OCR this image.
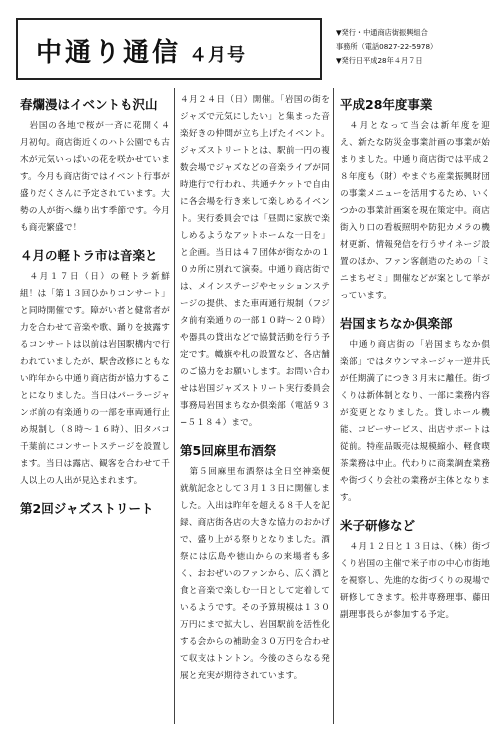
中通り通信 ４月号
▼発行・中通商店街振興組合
事務所（電話0827-22-5978）
▼発行日平成28年４月７日
春爛漫はイベントも沢山

岩国の各地で桜が一斉に花開く４月初旬。商店街近くのハト公園でも古木が元気いっぱいの花を咲かせています。今月も商店街ではイベント行事が盛りだくさんに予定されています。大勢の人が街へ繰り出す季節です。今月も商売繁盛で！

４月の軽トラ市は音楽と

４月１７日（日）の軽トラ新鮮組！は「第１３回ひかりコンサート」と同時開催です。障がい者と健常者が力を合わせて音楽や歌、踊りを披露するコンサートは以前は岩国駅構内で行われていましたが、駅舎改修にともない昨年から中通り商店街が協力することになりました。当日はパーラージャンボ前の有楽通りの一部を車両通行止め規制し（８時〜１６時）、旧タバコ千葉前にコンサートステージを設置します。当日は露店、観客を合わせて千人以上の人出が見込まれます。

第2回ジャズストリート

４月２４日（日）開催。「岩国の街をジャズで元気にしたい」と集まった音楽好きの仲間が立ち上げたイベント。ジャズストリートとは、駅前一円の複数会場でジャズなどの音楽ライブが同時進行で行われ、共通チケットで自由に各会場を行き来して楽しめるイベント。実行委員会では「昼間に家族で楽しめるようなアットホームな一日を」と企画。当日は４７団体が街なかの１０カ所に別れて演奏。中通り商店街では、メインステージやセッションステージの提供、また車両通行規制（フジタ前有楽通りの一部１０時〜２０時）や器具の貸出などで協賛活動を行う予定です。幟旗や札の設置など、各店舗のご協力をお願いします。お問い合わせは岩国ジャズストリート実行委員会事務局岩国まちなか倶楽部（電話９３−５１８４）まで。

第5回麻里布酒祭

第５回麻里布酒祭は全日空神楽便就航記念として３月１３日に開催しました。入出は昨年を超える８千人を記録、商店街各店の大きな協力のおかげで、盛り上がる祭りとなりました。酒祭には広島や徳山からの来場者も多く、おおぜいのファンから、広く酒と食と音楽で楽しむ一日として定着しているようです。その予算規模は１３０万円にまで拡大し、岩国駅前を活性化する会からの補助金３０万円を合わせて収支はトントン。今後のさらなる発展と充実が期待されています。

平成28年度事業

４月となって当会は新年度を迎え、新たな防災金事業計画の事業が始まりました。中通り商店街では平成２８年度も（財）やまぐち産業振興財団の事業メニューを活用するため、いくつかの事業計画案を現在策定中。商店街入り口の看板照明や防犯カメラの機材更新、情報発信を行うサイネージ設置のほか、ファン客創造のための「ミニまちゼミ」開催などが案として挙がっています。

岩国まちなか倶楽部

中通り商店街の「岩国まちなか倶楽部」ではタウンマネージャ一逆井氏が任期満了につき３月末に離任。街づくりは新体制となり、一部に業務内容が変更となりました。貸しホール機能、コピーサービス、出店サポートは従前。特産品販売は規模縮小、軽食喫茶業務は中止。代わりに商業調査業務や街づくり会社の業務が主体となります。

米子研修など

４月１２日と１３日は、（株）街づくり岩国の主催で米子市の中心市街地を視察し、先進的な街づくりの現場で研修してきます。松井専務理事、藤田副理事長らが参加する予定。
